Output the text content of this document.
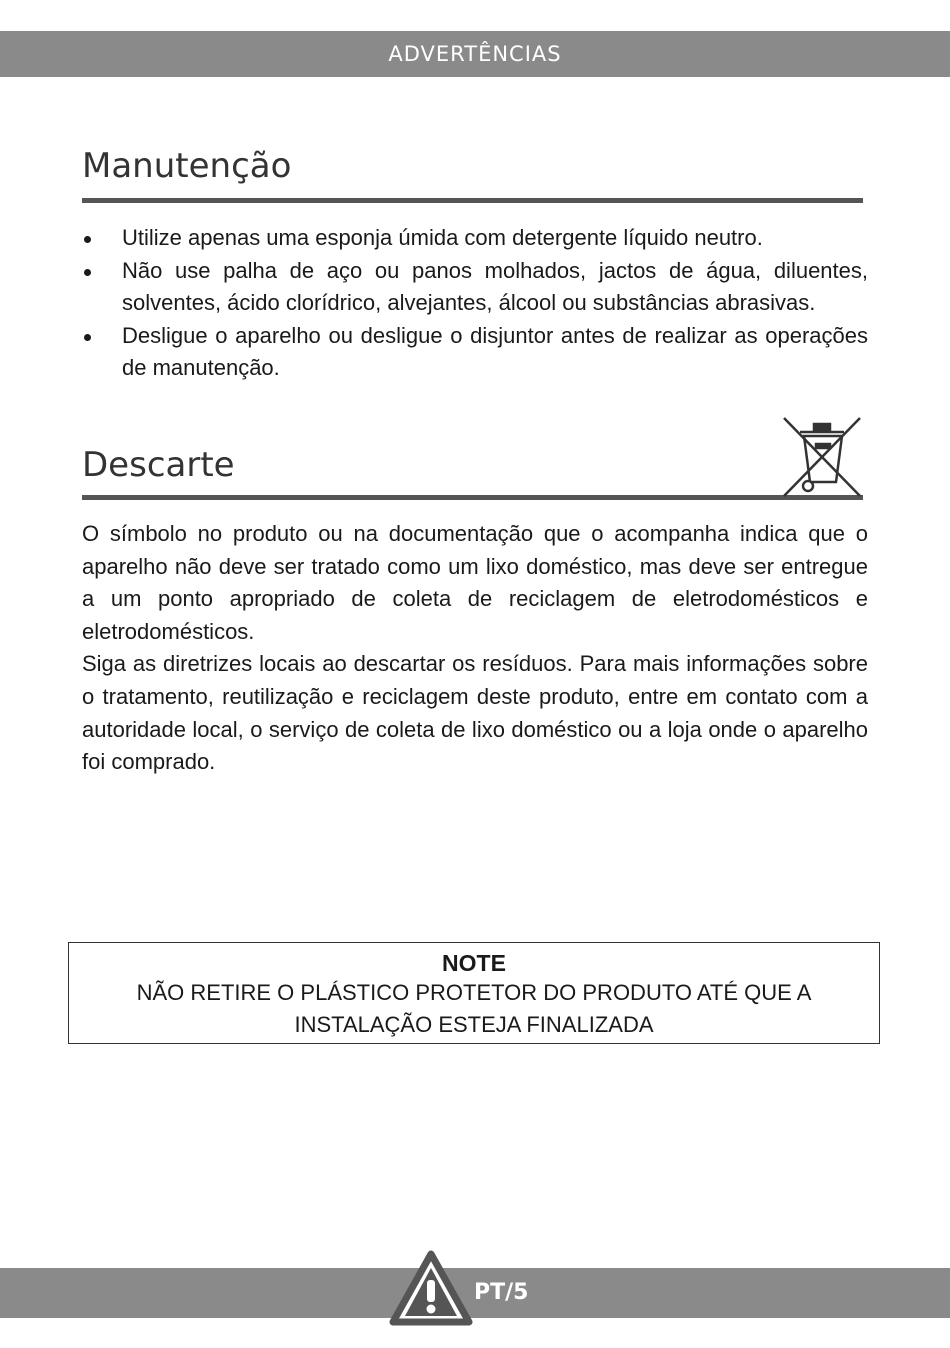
ADVERTÊNCIAS
Manutenção
Utilize apenas uma esponja úmida com detergente líquido neutro.
Não use palha de aço ou panos molhados, jactos de água, diluentes, solventes, ácido clorídrico, alvejantes, álcool ou substâncias abrasivas.
Desligue o aparelho ou desligue o disjuntor antes de realizar as operações de manutenção.
Descarte

O símbolo no produto ou na documentação que o acompanha indica que o aparelho não deve ser tratado como um lixo doméstico, mas deve ser entregue a um ponto apropriado de coleta de reciclagem de eletrodomésticos e eletrodomésticos.

Siga as diretrizes locais ao descartar os resíduos. Para mais informações sobre o tratamento, reutilização e reciclagem deste produto, entre em contato com a autoridade local, o serviço de coleta de lixo doméstico ou a loja onde o aparelho foi comprado.

NOTE
NÃO RETIRE O PLÁSTICO PROTETOR DO PRODUTO ATÉ QUE A INSTALAÇÃO ESTEJA FINALIZADA
PT/5
